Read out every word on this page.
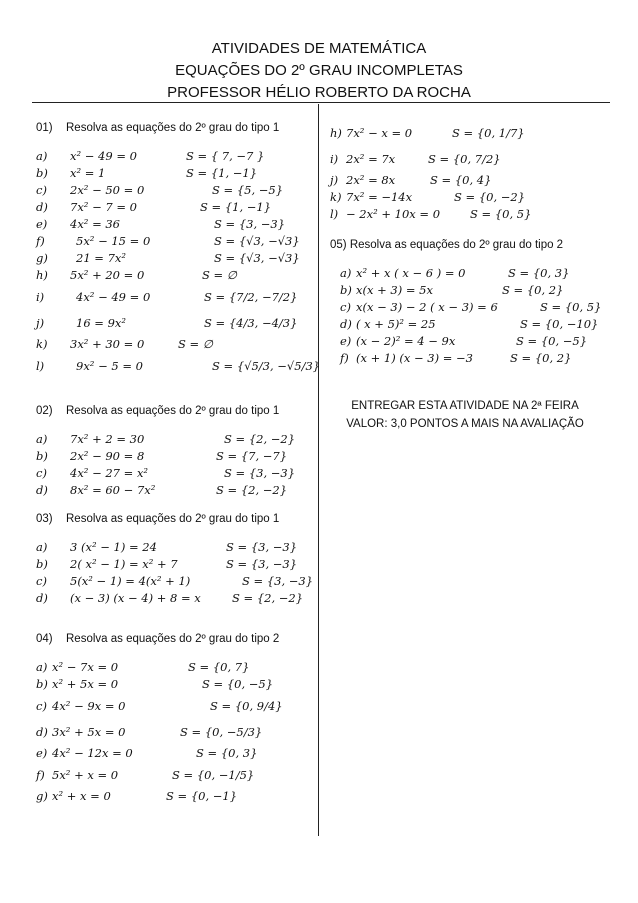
ATIVIDADES DE MATEMÁTICA
EQUAÇÕES DO 2º GRAU INCOMPLETAS
PROFESSOR HÉLIO ROBERTO DA ROCHA
01) Resolva as equações do 2º grau do tipo 1
a) x² − 49 = 0	S = { 7, −7 }
b) x² = 1	S = {1, −1}
c) 2x² − 50 = 0	S = {5, −5}
d) 7x² − 7 = 0	S = {1, −1}
e) 4x² = 36	S = {3, −3}
f)	5x² − 15 = 0	S = {√3, −√3}
g) 21 = 7x²	S = {√3, −√3}
h) 5x² + 20 = 0	S = ∅
i)	4x² − 49 = 0	S = {7/2, −7/2}
j)	16 = 9x²	S = {4/3, −4/3}
k) 3x² + 30 = 0	S = ∅
l)	9x² − 5 = 0	S = {√5/3, −√5/3}
02) Resolva as equações do 2º grau do tipo 1
a) 7x² + 2 = 30	S = {2, −2}
b) 2x² − 90 = 8	S = {7, −7}
c) 4x² − 27 = x²	S = {3, −3}
d) 8x² = 60 − 7x²	S = {2, −2}
03) Resolva as equações do 2º grau do tipo 1
a) 3 (x² − 1) = 24	S = {3, −3}
b) 2( x² − 1) = x² + 7	S = {3, −3}
c) 5(x² − 1) = 4(x² + 1)	S = {3, −3}
d) (x − 3) (x − 4) + 8 = x	S = {2, −2}
04) Resolva as equações do 2º grau do tipo 2
a) x² − 7x = 0	S = {0, 7}
b) x² + 5x = 0	S = {0, −5}
c) 4x² − 9x = 0	S = {0, 9/4}
d) 3x² + 5x = 0	S = {0, −5/3}
e) 4x² − 12x = 0	S = {0, 3}
f) 5x² + x = 0	S = {0, −1/5}
g) x² + x = 0	S = {0, −1}
h) 7x² − x = 0	S = {0, 1/7}
i) 2x² = 7x	S = {0, 7/2}
j) 2x² = 8x	S = {0, 4}
k) 7x² = −14x	S = {0, −2}
l) − 2x² + 10x = 0	S = {0, 5}
05) Resolva as equações do 2º grau do tipo 2
a) x² + x ( x − 6 ) = 0	S = {0, 3}
b) x(x + 3) = 5x	S = {0, 2}
c) x(x − 3) − 2 ( x − 3) = 6	S = {0, 5}
d) ( x + 5)² = 25	S = {0, −10}
e) (x − 2)² = 4 − 9x	S = {0, −5}
f) (x + 1) (x − 3) = −3	S = {0, 2}
ENTREGAR ESTA ATIVIDADE NA 2ª FEIRA
VALOR: 3,0 PONTOS A MAIS NA AVALIAÇÃO
